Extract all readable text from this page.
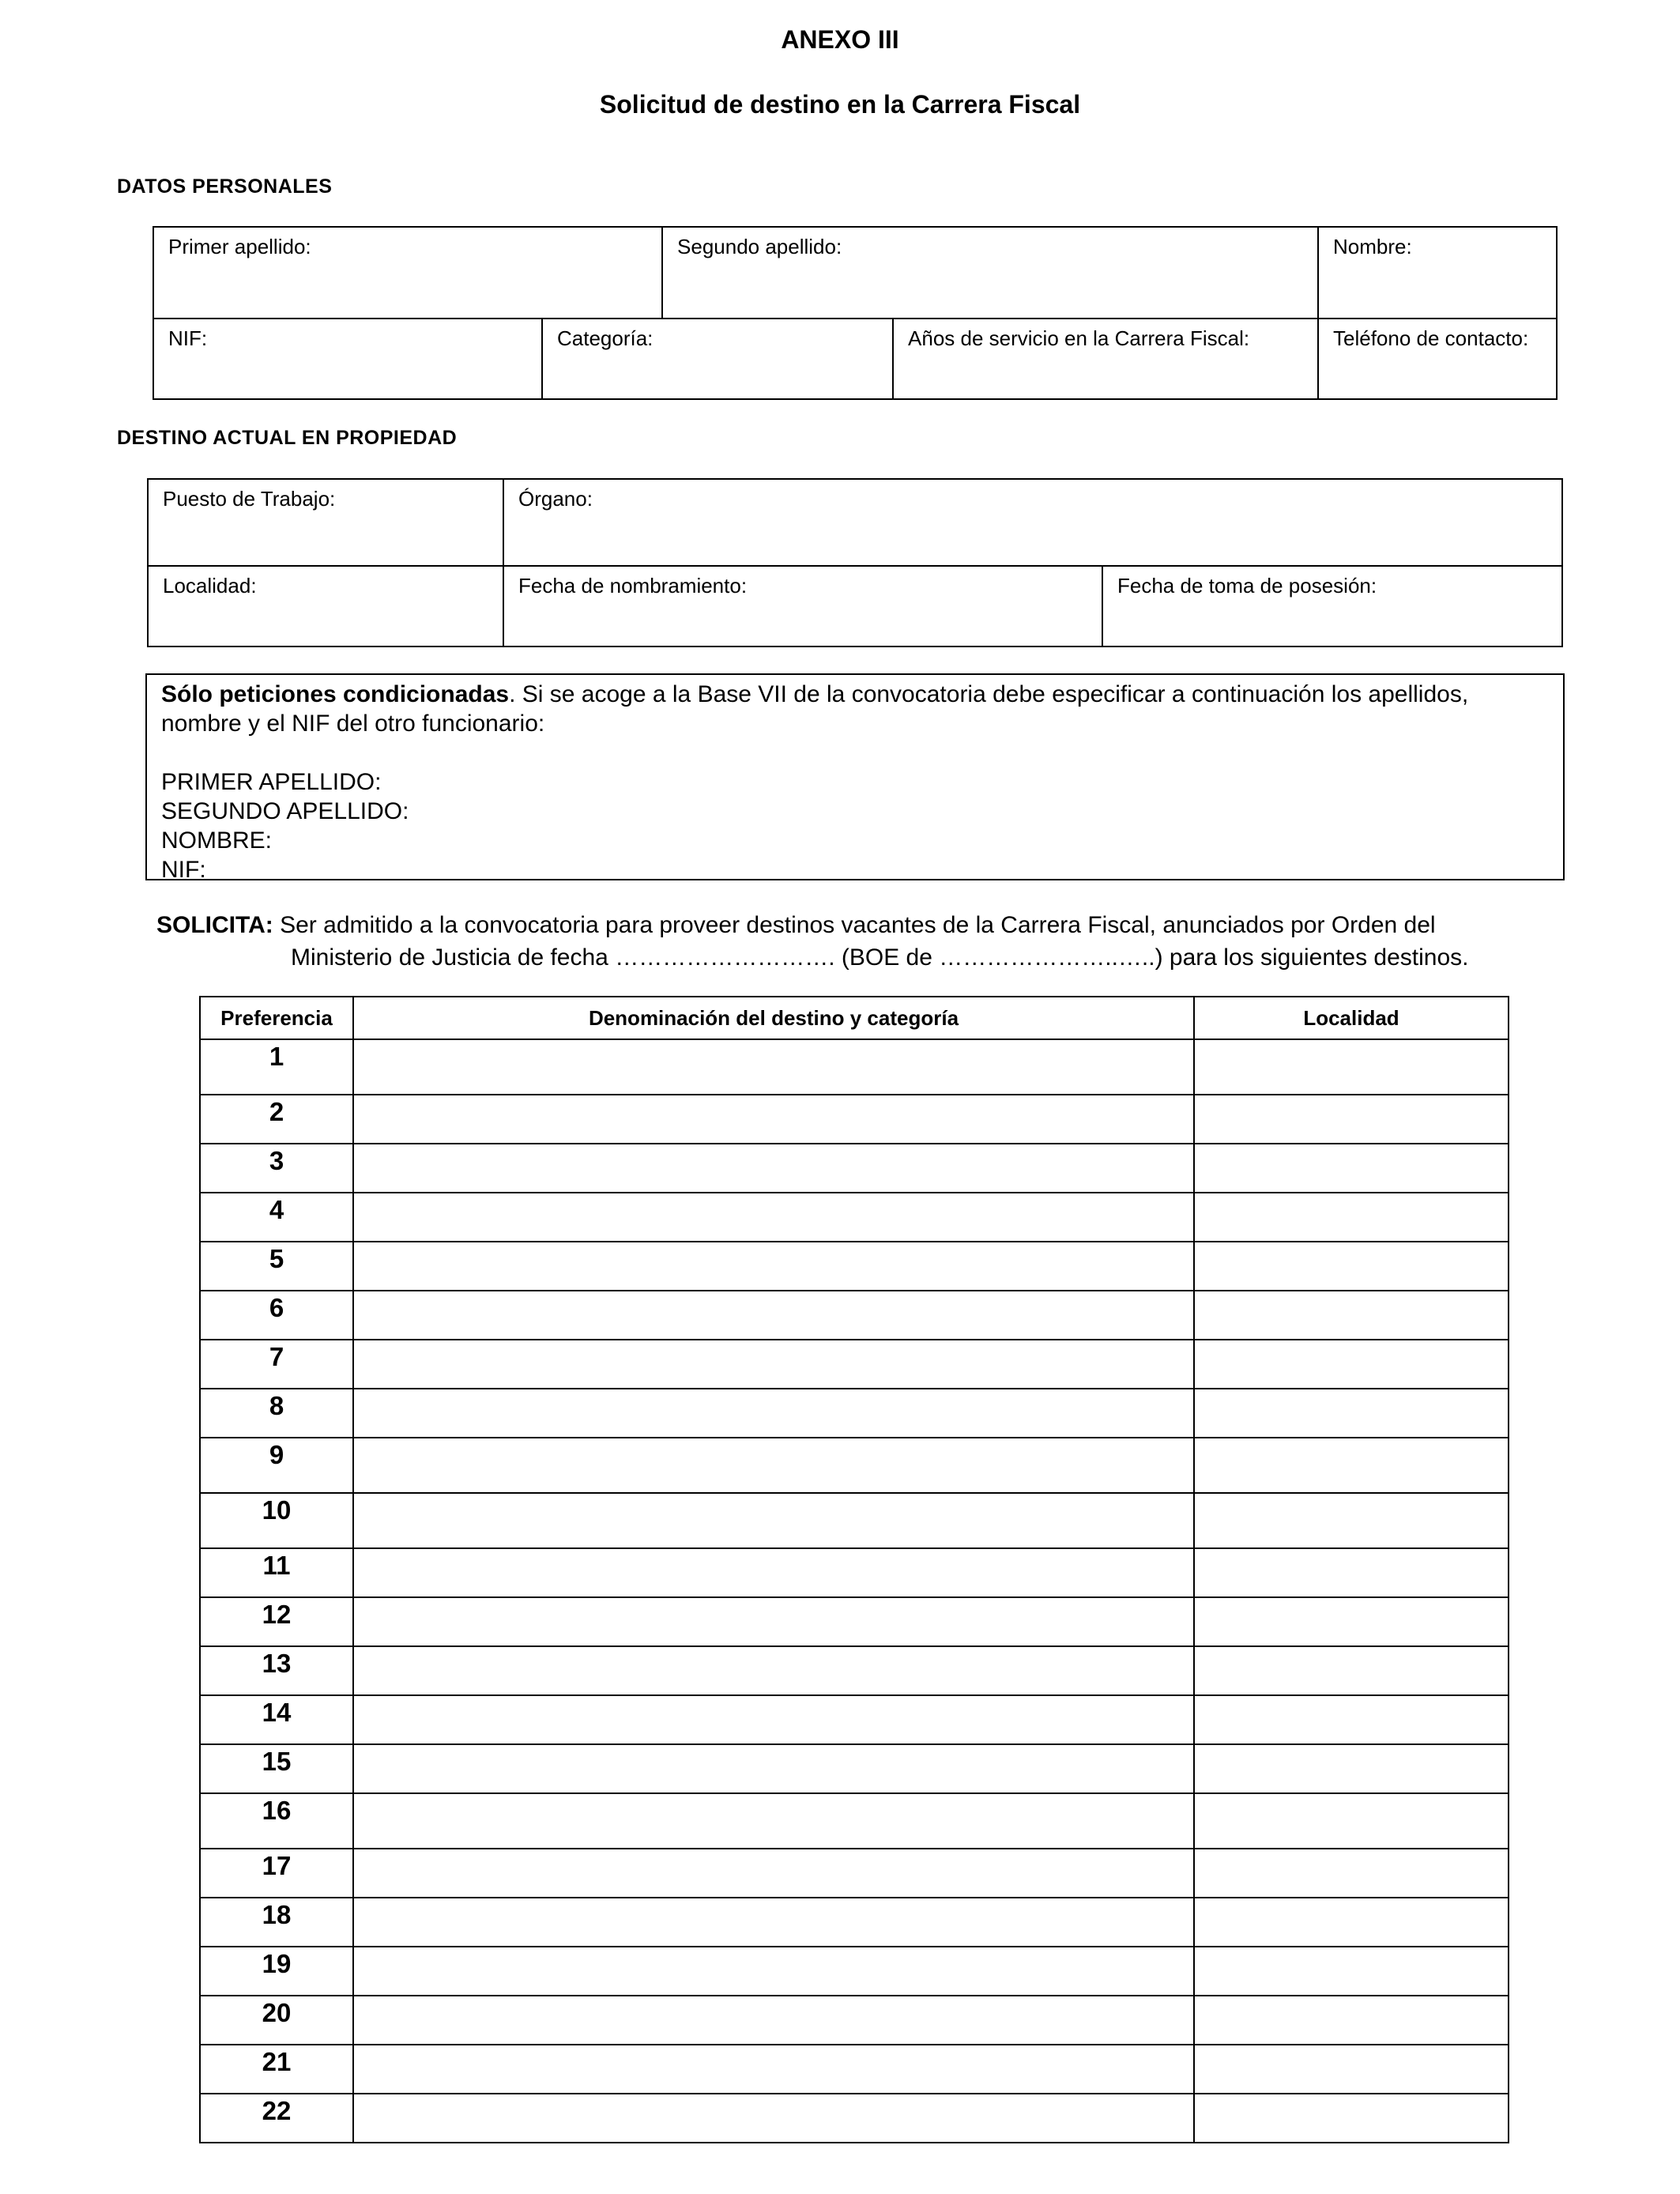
ANEXO III
Solicitud de destino en la Carrera Fiscal
DATOS PERSONALES
Primer apellido:		Segundo apellido:		Nombre:
NIF:	Categoría:		Años de servicio en la Carrera Fiscal:	Teléfono de contacto:
DESTINO ACTUAL EN PROPIEDAD
Puesto de Trabajo:	Órgano:	
Localidad:	Fecha de nombramiento:	Fecha de toma de posesión:
Sólo peticiones condicionadas. Si se acoge a la Base VII de la convocatoria debe especificar a continuación los apellidos, nombre y el NIF del otro funcionario:
PRIMER APELLIDO:
SEGUNDO APELLIDO:
NOMBRE:
NIF:
SOLICITA: Ser admitido a la convocatoria para proveer destinos vacantes de la Carrera Fiscal, anunciados por Orden del
Ministerio de Justicia de fecha ………………………. (BOE de …………………..…..) para los siguientes destinos.
Preferencia	Denominación del destino y categoría	Localidad
1		
2		
3		
4		
5		
6		
7		
8		
9		
10		
11		
12		
13		
14		
15		
16		
17		
18		
19		
20		
21		
22		
